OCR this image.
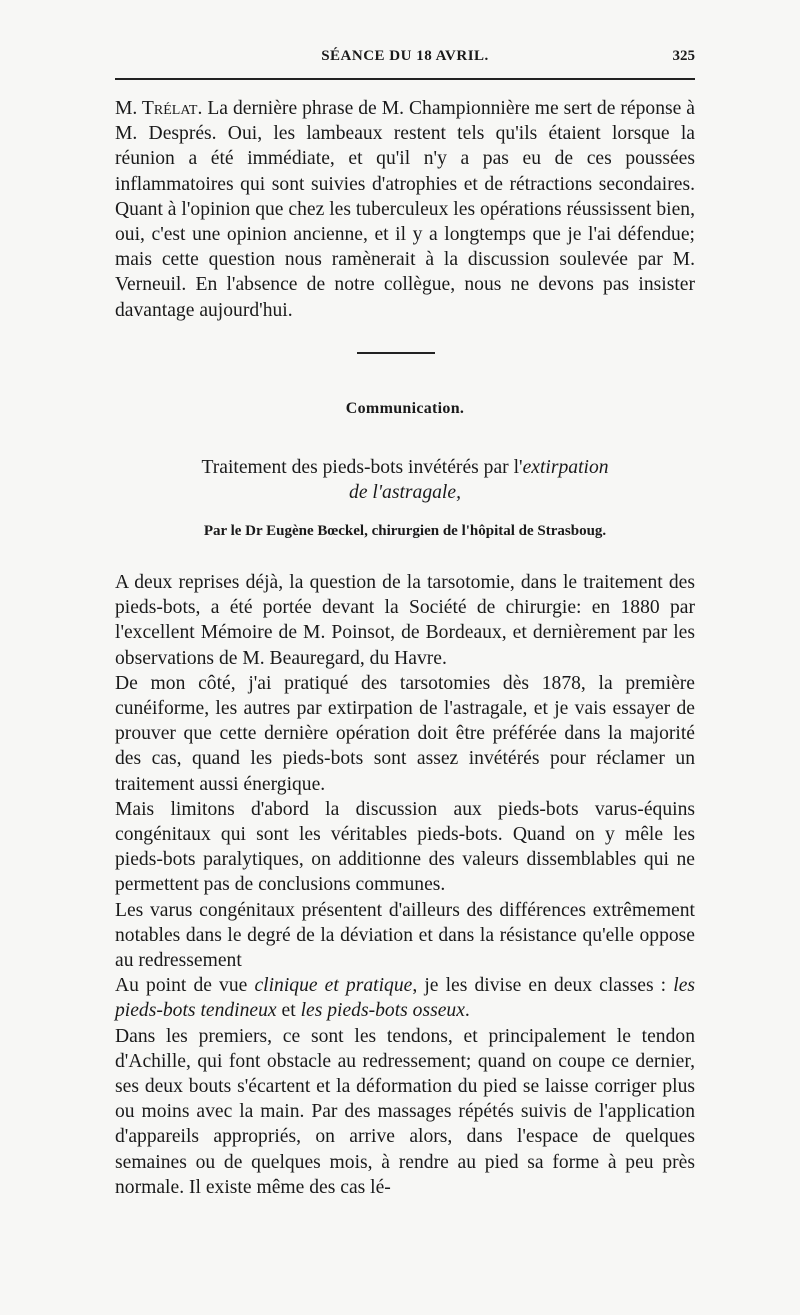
SÉANCE DU 18 AVRIL.	325

M. Trélat. La dernière phrase de M. Championnière me sert de réponse à M. Després. Oui, les lambeaux restent tels qu'ils étaient lorsque la réunion a été immédiate, et qu'il n'y a pas eu de ces poussées inflammatoires qui sont suivies d'atrophies et de rétractions secondaires. Quant à l'opinion que chez les tuberculeux les opérations réussissent bien, oui, c'est une opinion ancienne, et il y a longtemps que je l'ai défendue; mais cette question nous ramènerait à la discussion soulevée par M. Verneuil. En l'absence de notre collègue, nous ne devons pas insister davantage aujourd'hui.

Communication.
Traitement des pieds-bots invétérés par l'extirpation
de l'astragale,
Par le Dr Eugène Bœckel, chirurgien de l'hôpital de Strasboug.

A deux reprises déjà, la question de la tarsotomie, dans le traitement des pieds-bots, a été portée devant la Société de chirurgie: en 1880 par l'excellent Mémoire de M. Poinsot, de Bordeaux, et dernièrement par les observations de M. Beauregard, du Havre.

De mon côté, j'ai pratiqué des tarsotomies dès 1878, la première cunéiforme, les autres par extirpation de l'astragale, et je vais essayer de prouver que cette dernière opération doit être préférée dans la majorité des cas, quand les pieds-bots sont assez invétérés pour réclamer un traitement aussi énergique.

Mais limitons d'abord la discussion aux pieds-bots varus-équins congénitaux qui sont les véritables pieds-bots. Quand on y mêle les pieds-bots paralytiques, on additionne des valeurs dissemblables qui ne permettent pas de conclusions communes.

Les varus congénitaux présentent d'ailleurs des différences extrêmement notables dans le degré de la déviation et dans la résistance qu'elle oppose au redressement

Au point de vue clinique et pratique, je les divise en deux classes : les pieds-bots tendineux et les pieds-bots osseux.

Dans les premiers, ce sont les tendons, et principalement le tendon d'Achille, qui font obstacle au redressement; quand on coupe ce dernier, ses deux bouts s'écartent et la déformation du pied se laisse corriger plus ou moins avec la main. Par des massages répétés suivis de l'application d'appareils appropriés, on arrive alors, dans l'espace de quelques semaines ou de quelques mois, à rendre au pied sa forme à peu près normale. Il existe même des cas lé-
